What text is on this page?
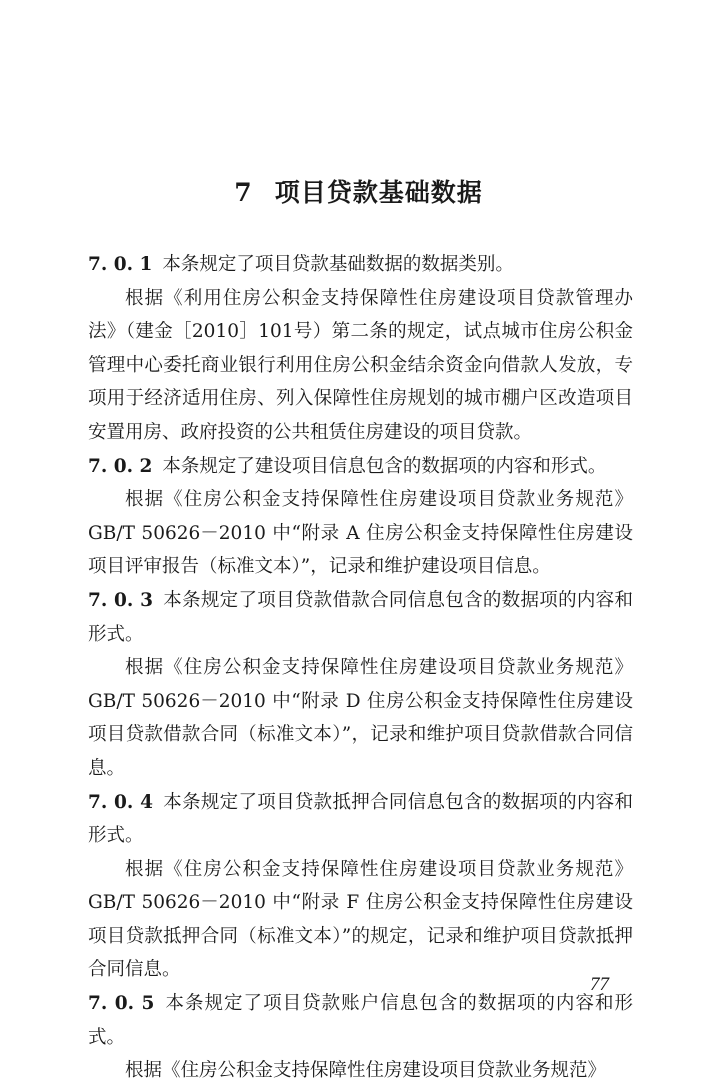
7 项目贷款基础数据

7. 0. 1 本条规定了项目贷款基础数据的数据类别。

根据《利用住房公积金支持保障性住房建设项目贷款管理办法》（建金［2010］101号）第二条的规定，试点城市住房公积金管理中心委托商业银行利用住房公积金结余资金向借款人发放，专项用于经济适用住房、列入保障性住房规划的城市棚户区改造项目安置用房、政府投资的公共租赁住房建设的项目贷款。

7. 0. 2 本条规定了建设项目信息包含的数据项的内容和形式。

根据《住房公积金支持保障性住房建设项目贷款业务规范》GB/T 50626－2010 中“附录 A 住房公积金支持保障性住房建设项目评审报告（标准文本）”，记录和维护建设项目信息。

7. 0. 3 本条规定了项目贷款借款合同信息包含的数据项的内容和形式。

根据《住房公积金支持保障性住房建设项目贷款业务规范》GB/T 50626－2010 中“附录 D 住房公积金支持保障性住房建设项目贷款借款合同（标准文本）”，记录和维护项目贷款借款合同信息。

7. 0. 4 本条规定了项目贷款抵押合同信息包含的数据项的内容和形式。

根据《住房公积金支持保障性住房建设项目贷款业务规范》GB/T 50626－2010 中“附录 F 住房公积金支持保障性住房建设项目贷款抵押合同（标准文本）”的规定，记录和维护项目贷款抵押合同信息。

7. 0. 5 本条规定了项目贷款账户信息包含的数据项的内容和形式。

根据《住房公积金支持保障性住房建设项目贷款业务规范》

77
